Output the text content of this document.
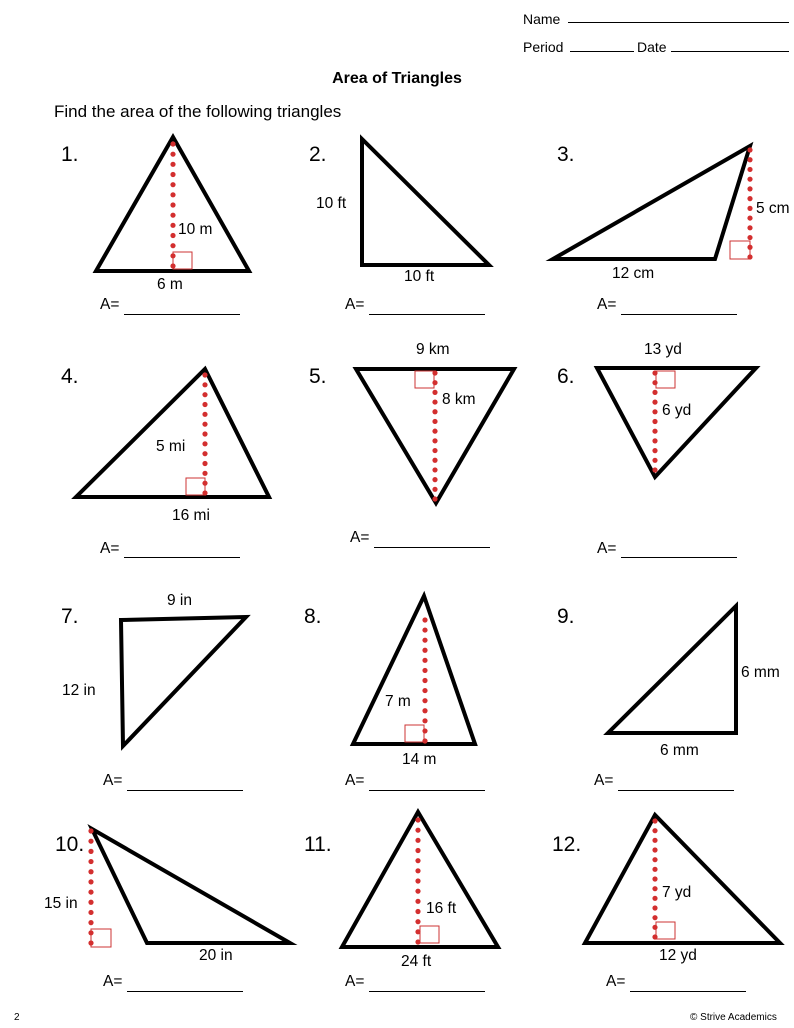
Name
Period	Date
Area of Triangles
Find the area of the following triangles
1.	2.	3.
4.	5.	6.
7.	8.	9.
10.	11.	12.
10 m
6 m
10 ft
10 ft
5 cm
12 cm
5 mi
16 mi
9 km
8 km
13 yd
6 yd
9 in
12 in
7 m
14 m
6 mm
6 mm
15 in
20 in
16 ft
24 ft
7 yd
12 yd
A=	A=	A=
A=
A=
A=
A=	A=	A=
A=	A=	A=
2	© Strive Academics
